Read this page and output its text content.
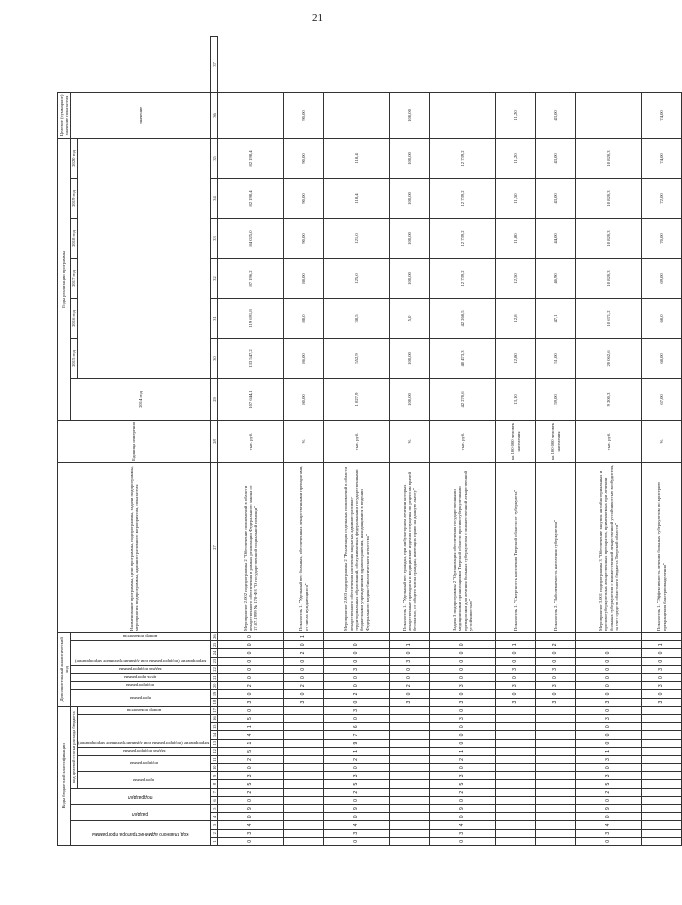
21
Коды бюджетной классификации																	Дополнительный аналитический код									Наименование программы, цели программы, подпрограммы, задачи подпрограммы, мероприятия подпрограммы, административного мероприятия, показателя	Единица измерения	Годы реализации программы							Целевое (суммарное) значение показателя	

код главного администратора программы			раздел		подраздел		код целевой статьи расхода бюджета										программа		подпрограмма	цель программы	задача подпрограммы	мероприятие (подпрограммы или административное мероприятие)			номер показателя			2014 год	2015 год	2016 год	2017 год	2018 год	2019 год	2020 год	значение	

							программа		подпрограмма		задача подпрограммы	мероприятие (подпрограммы или административное мероприятие)				номер показателя																				

1	2	3	4	5	6	7	8	9	10	11	12	13	14	15	16	17	18	19	20	21	22	23	24	25	26	27	28	29	30	31	32	33	34	35	36	37
0	3	4	0	9	0	2	5	3	0	2	5	1	4	1	5	0	3	0	2	0	0	0	0	0	0	Мероприятие 2.002 подпрограммы 2 "Обеспечение полномочий в области лекарственного обеспечения в рамках реализации Федерального закона от 17.07.1999 № 178-ФЗ "О государственной социальной помощи"	тыс. руб.	107 644,1	133 547,2	119 691,8	87 196,2	84 025,0	82 198,4	82 198,4		
																	3	0	2	0	0	0	2	0	1	Показатель 1. "Удельный вес больных, обеспеченных лекарственными препаратами, от числа нуждающихся"	%	80,00	86,00	88,0	88,00	90,00	90,00	90,00	90,00	
0	3	4	0	9	0	2	5	3	0	2	1	9	7	6	0	3	0	2	0	0	3	0	0	0		Мероприятие 2.003 подпрограммы 2 "Реализация отдельных полномочий в области лекарственного обеспечения населения закрытых административно-территориальных образований, обслуживаемых федеральными государственными бюджетными учреждениями здравоохранения, находящимися в ведении Федерального медико-биологического агентства"	тыс. руб.	1 827,9	552,9	38,5	125,0	121,0	118,4	118,4		
																	3	0	2	0	0	3	0	1		Показатель 1. "Удельный вес граждан, при амбулаторном лечении которых лекарственные препараты и медицинские изделия отпущены по рецептам врачей бесплатно, от общего числа граждан, имеющих право на данную льготу"	%	100,00	100,00	5,0	100,00	100,00	100,00	100,00	100,00	
0	3	4	0	9	0	2	5	3	0	2	1	0	0	0	3	0	3	0	3	0	0	0	0	0		Задача 3 подпрограммы 2 "Организация обеспечения государственными медицинскими организациями Тверской области противотуберкулезными препаратами для лечения больных туберкулезом с множественной лекарственной устойчивостью"	тыс. руб.	42 270,6	40 473,3	42 268,5	12 739,2	12 739,2	12 739,2	12 739,2		
																	3	0	3	0	3	0	0	1		Показатель 1. "Смертность населения Тверской области от туберкулеза"	на 100 000 человек населения	13,10	12,80	12,8	12,50	11,80	11,50	11,20	11,20	
																	3	0	3	0	3	0	0	2		Показатель 2. "Заболеваемость населения туберкулезом"	на 100 000 человек населения	59,00	51,00	47,1	46,90	44,00	43,00	43,00	43,00	
0	3	4	0	9	0	2	5	3	0	3	1	0	0	0	3	0	3	0	0	0	0	0	0			Мероприятие 3.001 подпрограммы 3 "Обеспечение закупок антибактериальных и противотуберкулезных лекарственных препаратов, применяемых при лечении больных туберкулезом с множественной лекарственной устойчивостью возбудителя, за счет средств областного бюджета Тверской области"	тыс. руб.	9 200,3	20 062,6	10 671,2	10 820,3	10 820,3	10 820,3	10 820,3		
																	3	0	3	0	3	0	0	1		Показатель 1. "Эффективность лечения больных туберкулезом по критерию прекращения бактериовыделения"	%	67,00	68,00	68,0	69,00	70,00	72,00	74,00	74,00	
